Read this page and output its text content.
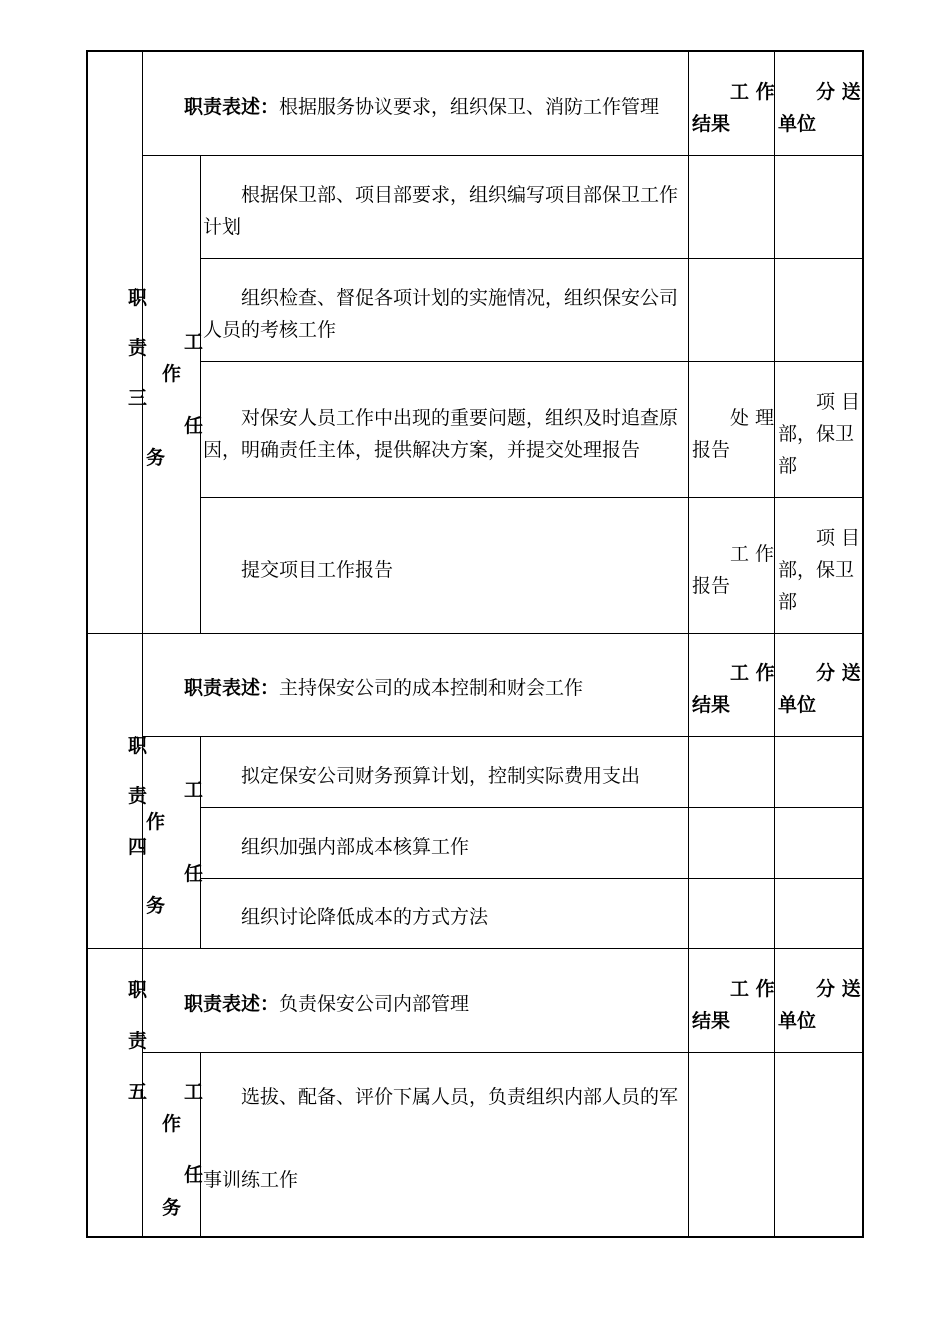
职
责
三
工
作
任
务
职责表述：根据服务协议要求，组织保卫、消防工作管理
工 作
结果
分 送
单位
根据保卫部、项目部要求，组织编写项目部保卫工作
计划
组织检查、督促各项计划的实施情况，组织保安公司
人员的考核工作
对保安人员工作中出现的重要问题，组织及时追查原
因，明确责任主体，提供解决方案，并提交处理报告
处 理
报告
项 目
部，保卫
部
提交项目工作报告
工 作
报告
项 目
部，保卫
部
职
责
四
工
作
任
务
职责表述：主持保安公司的成本控制和财会工作
工 作
结果
分 送
单位
拟定保安公司财务预算计划，控制实际费用支出
组织加强内部成本核算工作
组织讨论降低成本的方式方法
职
责
五 工
作
任
务
职责表述：负责保安公司内部管理
工 作
结果
分 送
单位
选拔、配备、评价下属人员，负责组织内部人员的军
事训练工作
